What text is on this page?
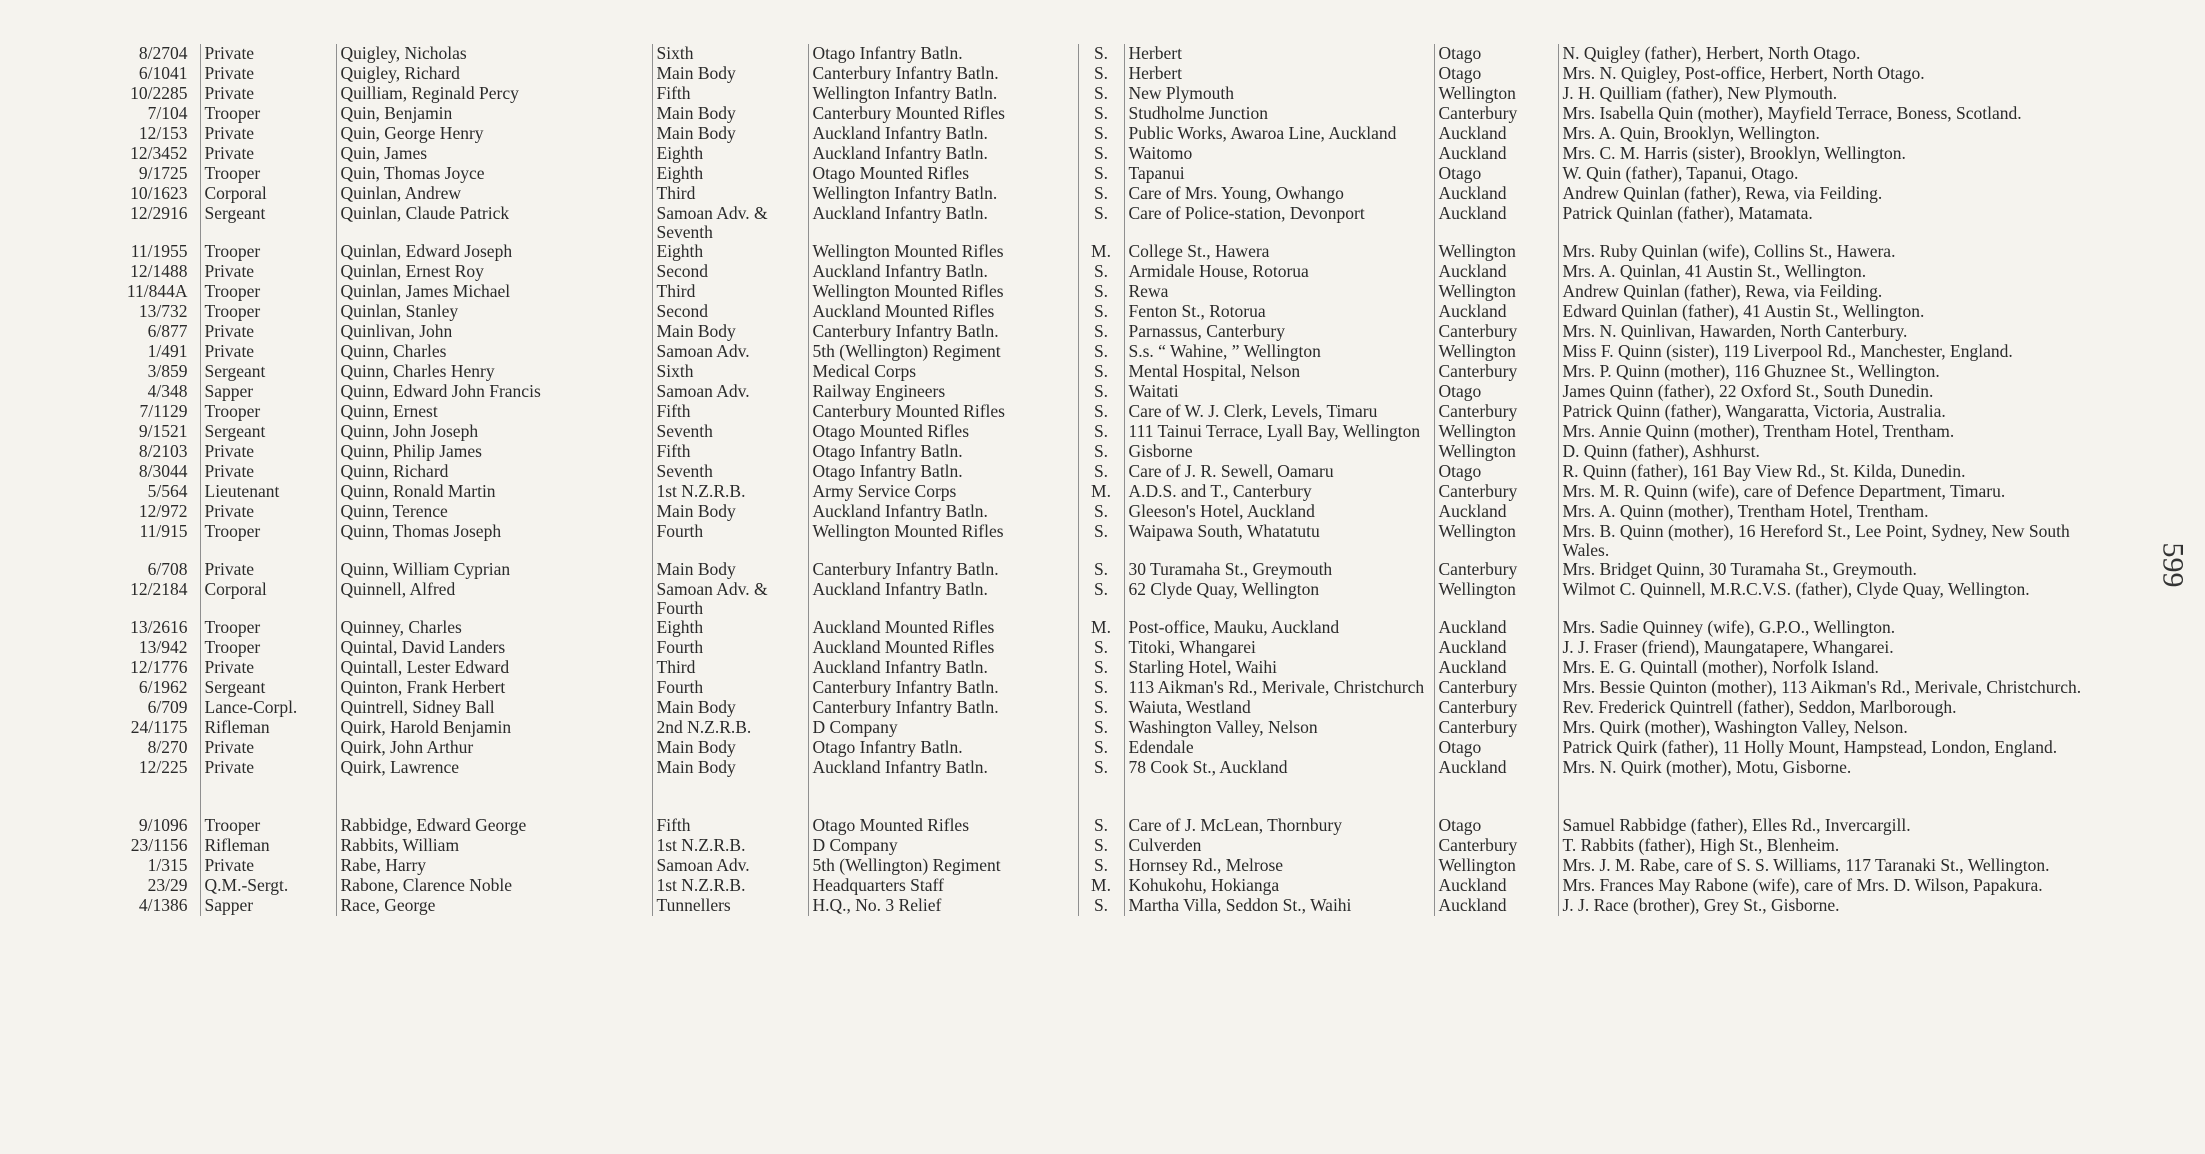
8/2704	Private	Quigley, Nicholas	Sixth	Otago Infantry Batln.	S.	Herbert	Otago	N. Quigley (father), Herbert, North Otago.
6/1041	Private	Quigley, Richard	Main Body	Canterbury Infantry Batln.	S.	Herbert	Otago	Mrs. N. Quigley, Post-office, Herbert, North Otago.
10/2285	Private	Quilliam, Reginald Percy	Fifth	Wellington Infantry Batln.	S.	New Plymouth	Wellington	J. H. Quilliam (father), New Plymouth.
7/104	Trooper	Quin, Benjamin	Main Body	Canterbury Mounted Rifles	S.	Studholme Junction	Canterbury	Mrs. Isabella Quin (mother), Mayfield Terrace, Boness, Scotland.
12/153	Private	Quin, George Henry	Main Body	Auckland Infantry Batln.	S.	Public Works, Awaroa Line, Auckland	Auckland	Mrs. A. Quin, Brooklyn, Wellington.
12/3452	Private	Quin, James	Eighth	Auckland Infantry Batln.	S.	Waitomo	Auckland	Mrs. C. M. Harris (sister), Brooklyn, Wellington.
9/1725	Trooper	Quin, Thomas Joyce	Eighth	Otago Mounted Rifles	S.	Tapanui	Otago	W. Quin (father), Tapanui, Otago.
10/1623	Corporal	Quinlan, Andrew	Third	Wellington Infantry Batln.	S.	Care of Mrs. Young, Owhango	Auckland	Andrew Quinlan (father), Rewa, via Feilding.
12/2916	Sergeant	Quinlan, Claude Patrick	Samoan Adv. & Seventh	Auckland Infantry Batln.	S.	Care of Police-station, Devonport	Auckland	Patrick Quinlan (father), Matamata.
11/1955	Trooper	Quinlan, Edward Joseph	Eighth	Wellington Mounted Rifles	M.	College St., Hawera	Wellington	Mrs. Ruby Quinlan (wife), Collins St., Hawera.
12/1488	Private	Quinlan, Ernest Roy	Second	Auckland Infantry Batln.	S.	Armidale House, Rotorua	Auckland	Mrs. A. Quinlan, 41 Austin St., Wellington.
11/844A	Trooper	Quinlan, James Michael	Third	Wellington Mounted Rifles	S.	Rewa	Wellington	Andrew Quinlan (father), Rewa, via Feilding.
13/732	Trooper	Quinlan, Stanley	Second	Auckland Mounted Rifles	S.	Fenton St., Rotorua	Auckland	Edward Quinlan (father), 41 Austin St., Wellington.
6/877	Private	Quinlivan, John	Main Body	Canterbury Infantry Batln.	S.	Parnassus, Canterbury	Canterbury	Mrs. N. Quinlivan, Hawarden, North Canterbury.
1/491	Private	Quinn, Charles	Samoan Adv.	5th (Wellington) Regiment	S.	S.s. “ Wahine, ” Wellington	Wellington	Miss F. Quinn (sister), 119 Liverpool Rd., Manchester, England.
3/859	Sergeant	Quinn, Charles Henry	Sixth	Medical Corps	S.	Mental Hospital, Nelson	Canterbury	Mrs. P. Quinn (mother), 116 Ghuznee St., Wellington.
4/348	Sapper	Quinn, Edward John Francis	Samoan Adv.	Railway Engineers	S.	Waitati	Otago	James Quinn (father), 22 Oxford St., South Dunedin.
7/1129	Trooper	Quinn, Ernest	Fifth	Canterbury Mounted Rifles	S.	Care of W. J. Clerk, Levels, Timaru	Canterbury	Patrick Quinn (father), Wangaratta, Victoria, Australia.
9/1521	Sergeant	Quinn, John Joseph	Seventh	Otago Mounted Rifles	S.	111 Tainui Terrace, Lyall Bay, Wellington	Wellington	Mrs. Annie Quinn (mother), Trentham Hotel, Trentham.
8/2103	Private	Quinn, Philip James	Fifth	Otago Infantry Batln.	S.	Gisborne	Wellington	D. Quinn (father), Ashhurst.
8/3044	Private	Quinn, Richard	Seventh	Otago Infantry Batln.	S.	Care of J. R. Sewell, Oamaru	Otago	R. Quinn (father), 161 Bay View Rd., St. Kilda, Dunedin.
5/564	Lieutenant	Quinn, Ronald Martin	1st N.Z.R.B.	Army Service Corps	M.	A.D.S. and T., Canterbury	Canterbury	Mrs. M. R. Quinn (wife), care of Defence Department, Timaru.
12/972	Private	Quinn, Terence	Main Body	Auckland Infantry Batln.	S.	Gleeson's Hotel, Auckland	Auckland	Mrs. A. Quinn (mother), Trentham Hotel, Trentham.
11/915	Trooper	Quinn, Thomas Joseph	Fourth	Wellington Mounted Rifles	S.	Waipawa South, Whatatutu	Wellington	Mrs. B. Quinn (mother), 16 Hereford St., Lee Point, Sydney, New South Wales.
6/708	Private	Quinn, William Cyprian	Main Body	Canterbury Infantry Batln.	S.	30 Turamaha St., Greymouth	Canterbury	Mrs. Bridget Quinn, 30 Turamaha St., Greymouth.
12/2184	Corporal	Quinnell, Alfred	Samoan Adv. & Fourth	Auckland Infantry Batln.	S.	62 Clyde Quay, Wellington	Wellington	Wilmot C. Quinnell, M.R.C.V.S. (father), Clyde Quay, Wellington.
13/2616	Trooper	Quinney, Charles	Eighth	Auckland Mounted Rifles	M.	Post-office, Mauku, Auckland	Auckland	Mrs. Sadie Quinney (wife), G.P.O., Wellington.
13/942	Trooper	Quintal, David Landers	Fourth	Auckland Mounted Rifles	S.	Titoki, Whangarei	Auckland	J. J. Fraser (friend), Maungatapere, Whangarei.
12/1776	Private	Quintall, Lester Edward	Third	Auckland Infantry Batln.	S.	Starling Hotel, Waihi	Auckland	Mrs. E. G. Quintall (mother), Norfolk Island.
6/1962	Sergeant	Quinton, Frank Herbert	Fourth	Canterbury Infantry Batln.	S.	113 Aikman's Rd., Merivale, Christchurch	Canterbury	Mrs. Bessie Quinton (mother), 113 Aikman's Rd., Merivale, Christchurch.
6/709	Lance-Corpl.	Quintrell, Sidney Ball	Main Body	Canterbury Infantry Batln.	S.	Waiuta, Westland	Canterbury	Rev. Frederick Quintrell (father), Seddon, Marlborough.
24/1175	Rifleman	Quirk, Harold Benjamin	2nd N.Z.R.B.	D Company	S.	Washington Valley, Nelson	Canterbury	Mrs. Quirk (mother), Washington Valley, Nelson.
8/270	Private	Quirk, John Arthur	Main Body	Otago Infantry Batln.	S.	Edendale	Otago	Patrick Quirk (father), 11 Holly Mount, Hampstead, London, England.
12/225	Private	Quirk, Lawrence	Main Body	Auckland Infantry Batln.	S.	78 Cook St., Auckland	Auckland	Mrs. N. Quirk (mother), Motu, Gisborne.

9/1096	Trooper	Rabbidge, Edward George	Fifth	Otago Mounted Rifles	S.	Care of J. McLean, Thornbury	Otago	Samuel Rabbidge (father), Elles Rd., Invercargill.
23/1156	Rifleman	Rabbits, William	1st N.Z.R.B.	D Company	S.	Culverden	Canterbury	T. Rabbits (father), High St., Blenheim.
1/315	Private	Rabe, Harry	Samoan Adv.	5th (Wellington) Regiment	S.	Hornsey Rd., Melrose	Wellington	Mrs. J. M. Rabe, care of S. S. Williams, 117 Taranaki St., Wellington.
23/29	Q.M.-Sergt.	Rabone, Clarence Noble	1st N.Z.R.B.	Headquarters Staff	M.	Kohukohu, Hokianga	Auckland	Mrs. Frances May Rabone (wife), care of Mrs. D. Wilson, Papakura.
4/1386	Sapper	Race, George	Tunnellers	H.Q., No. 3 Relief	S.	Martha Villa, Seddon St., Waihi	Auckland	J. J. Race (brother), Grey St., Gisborne.
599
